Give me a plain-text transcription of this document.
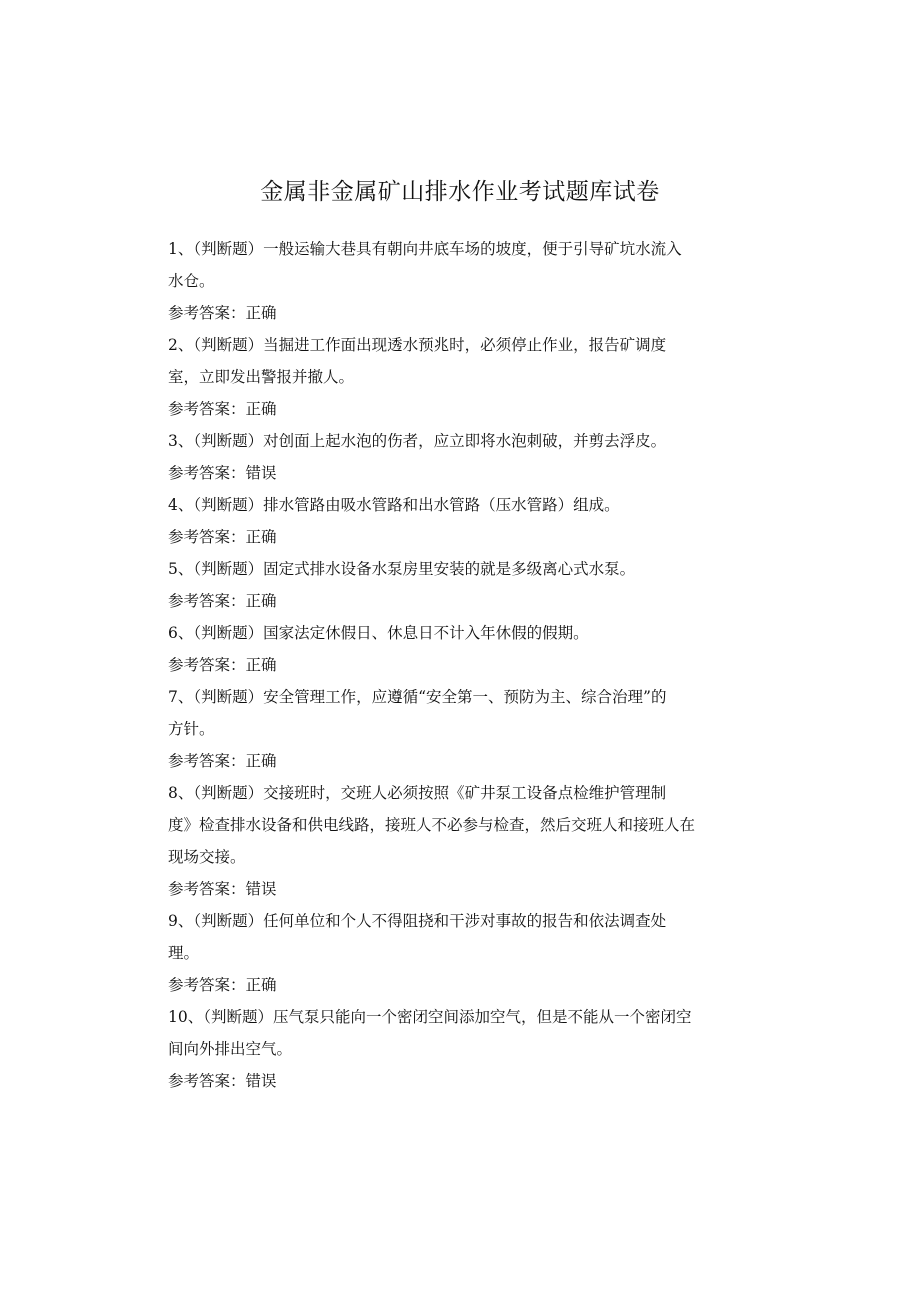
金属非金属矿山排水作业考试题库试卷
1、（判断题）一般运输大巷具有朝向井底车场的坡度，便于引导矿坑水流入
水仓。
参考答案：正确
2、（判断题）当掘进工作面出现透水预兆时，必须停止作业，报告矿调度
室，立即发出警报并撤人。
参考答案：正确
3、（判断题）对创面上起水泡的伤者，应立即将水泡刺破，并剪去浮皮。
参考答案：错误
4、（判断题）排水管路由吸水管路和出水管路（压水管路）组成。
参考答案：正确
5、（判断题）固定式排水设备水泵房里安装的就是多级离心式水泵。
参考答案：正确
6、（判断题）国家法定休假日、休息日不计入年休假的假期。
参考答案：正确
7、（判断题）安全管理工作，应遵循“安全第一、预防为主、综合治理”的
方针。
参考答案：正确
8、（判断题）交接班时，交班人必须按照《矿井泵工设备点检维护管理制
度》检查排水设备和供电线路，接班人不必参与检查，然后交班人和接班人在
现场交接。
参考答案：错误
9、（判断题）任何单位和个人不得阻挠和干涉对事故的报告和依法调查处
理。
参考答案：正确
10、（判断题）压气泵只能向一个密闭空间添加空气，但是不能从一个密闭空
间向外排出空气。
参考答案：错误
